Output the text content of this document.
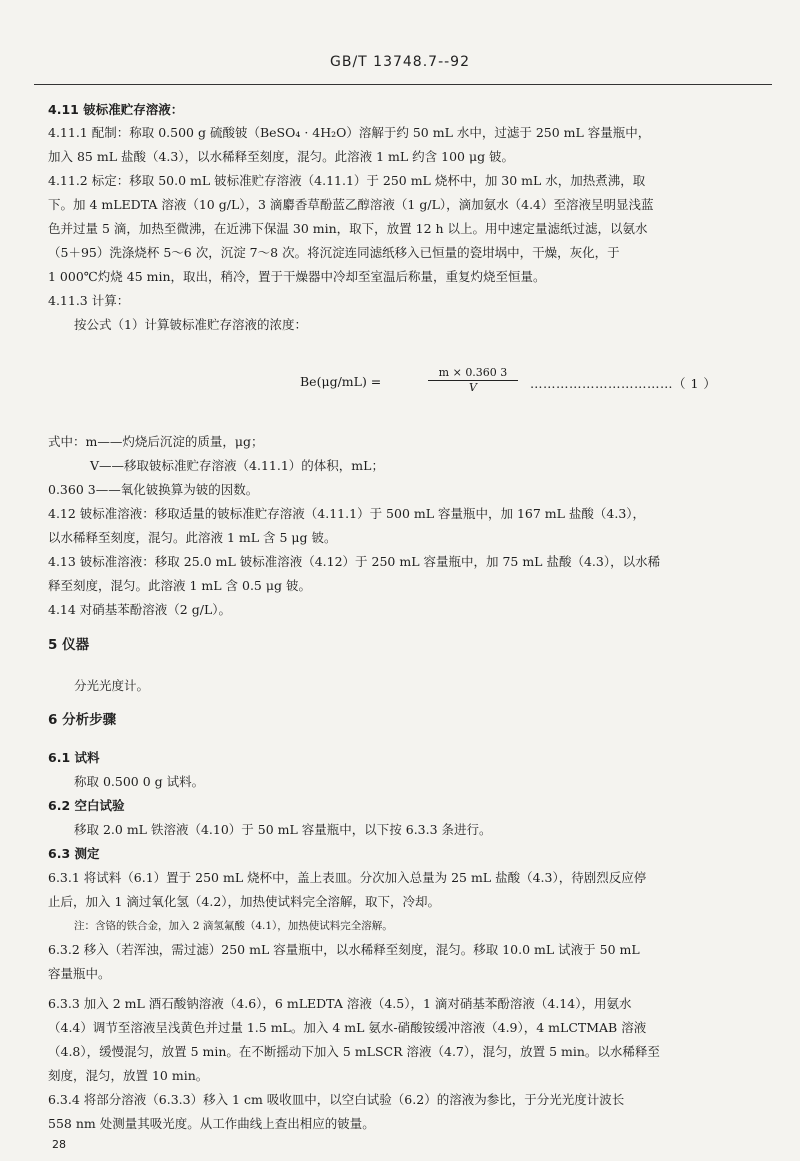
GB/T 13748.7--92
4.11 铍标准贮存溶液：
4.11.1 配制：称取 0.500 g 硫酸铍（BeSO₄ · 4H₂O）溶解于约 50 mL 水中，过滤于 250 mL 容量瓶中，
加入 85 mL 盐酸（4.3），以水稀释至刻度，混匀。此溶液 1 mL 约含 100 μg 铍。
4.11.2 标定：移取 50.0 mL 铍标准贮存溶液（4.11.1）于 250 mL 烧杯中，加 30 mL 水，加热煮沸，取
下。加 4 mLEDTA 溶液（10 g/L），3 滴麝香草酚蓝乙醇溶液（1 g/L），滴加氨水（4.4）至溶液呈明显浅蓝
色并过量 5 滴，加热至微沸，在近沸下保温 30 min，取下，放置 12 h 以上。用中速定量滤纸过滤，以氨水
（5＋95）洗涤烧杯 5～6 次，沉淀 7～8 次。将沉淀连同滤纸移入已恒量的瓷坩埚中，干燥，灰化，于
1 000℃灼烧 45 min，取出，稍冷，置于干燥器中冷却至室温后称量，重复灼烧至恒量。
4.11.3 计算：
按公式（1）计算铍标准贮存溶液的浓度：
式中：m——灼烧后沉淀的质量，μg；
V——移取铍标准贮存溶液（4.11.1）的体积，mL；
0.360 3——氧化铍换算为铍的因数。
4.12 铍标准溶液：移取适量的铍标准贮存溶液（4.11.1）于 500 mL 容量瓶中，加 167 mL 盐酸（4.3），
以水稀释至刻度，混匀。此溶液 1 mL 含 5 μg 铍。
4.13 铍标准溶液：移取 25.0 mL 铍标准溶液（4.12）于 250 mL 容量瓶中，加 75 mL 盐酸（4.3），以水稀
释至刻度，混匀。此溶液 1 mL 含 0.5 μg 铍。
4.14 对硝基苯酚溶液（2 g/L）。
5 仪器
分光光度计。
6 分析步骤
6.1 试料
称取 0.500 0 g 试料。
6.2 空白试验
移取 2.0 mL 铁溶液（4.10）于 50 mL 容量瓶中，以下按 6.3.3 条进行。
6.3 测定
6.3.1 将试料（6.1）置于 250 mL 烧杯中，盖上表皿。分次加入总量为 25 mL 盐酸（4.3），待剧烈反应停
止后，加入 1 滴过氧化氢（4.2），加热使试料完全溶解，取下，冷却。
注：含铬的铁合金，加入 2 滴氢氟酸（4.1），加热使试料完全溶解。
6.3.2 移入（若浑浊，需过滤）250 mL 容量瓶中，以水稀释至刻度，混匀。移取 10.0 mL 试液于 50 mL
容量瓶中。
6.3.3 加入 2 mL 酒石酸钠溶液（4.6），6 mLEDTA 溶液（4.5），1 滴对硝基苯酚溶液（4.14），用氨水
（4.4）调节至溶液呈浅黄色并过量 1.5 mL。加入 4 mL 氨水-硝酸铵缓冲溶液（4.9），4 mLCTMAB 溶液
（4.8），缓慢混匀，放置 5 min。在不断摇动下加入 5 mLSCR 溶液（4.7），混匀，放置 5 min。以水稀释至
刻度，混匀，放置 10 min。
6.3.4 将部分溶液（6.3.3）移入 1 cm 吸收皿中，以空白试验（6.2）的溶液为参比，于分光光度计波长
558 nm 处测量其吸光度。从工作曲线上查出相应的铍量。
Be(μg/mL) =	$\frac{m \times 0.360 3}{V}$ ……………………………（ 1 ）
28
